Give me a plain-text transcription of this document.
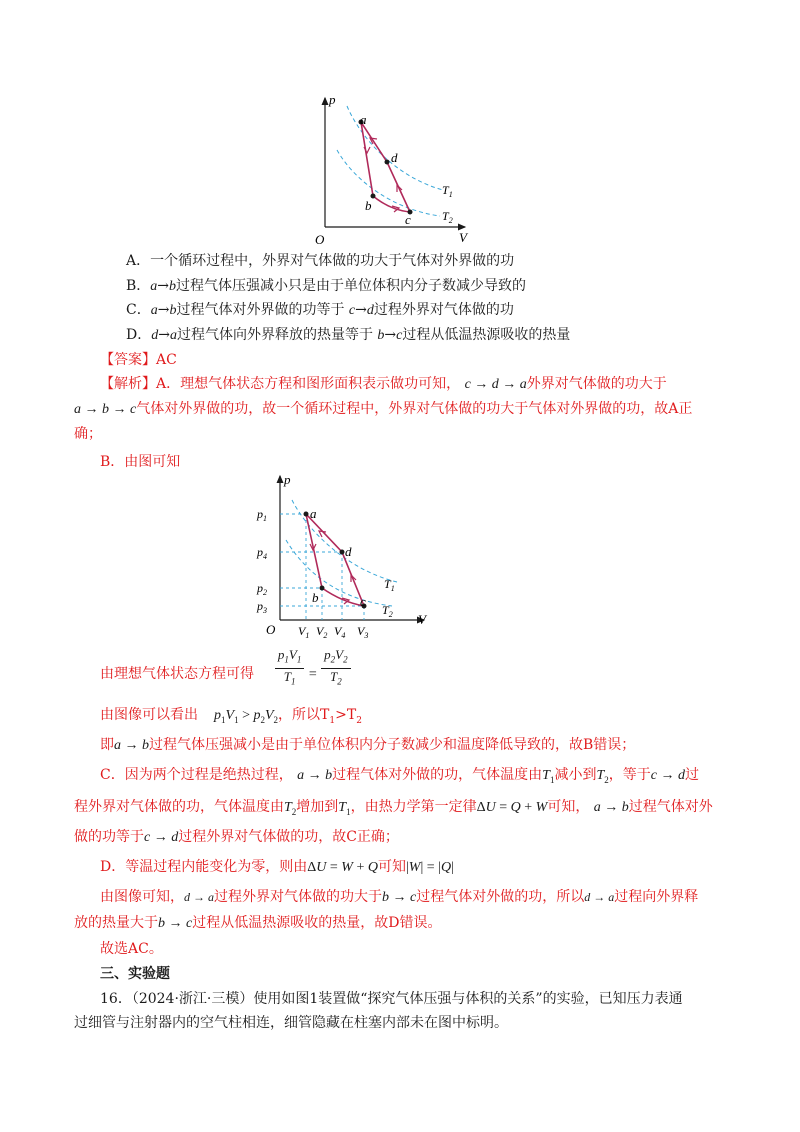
p
V
O
a
b
c
d
$T_1$
$T_2$
A．一个循环过程中，外界对气体做的功大于气体对外界做的功
B．a→b过程气体压强减小只是由于单位体积内分子数减少导致的
C．a→b过程气体对外界做的功等于 c→d过程外界对气体做的功
D．d→a过程气体向外界释放的热量等于 b→c过程从低温热源吸收的热量
【答案】AC
【解析】A．理想气体状态方程和图形面积表示做功可知， c → d → a外界对气体做的功大于
a → b → c气体对外界做的功，故一个循环过程中，外界对气体做的功大于气体对外界做的功，故A正
确；
B．由图可知
p
V
O
$p_1$
$p_4$
$p_2$
$p_3$
$V_1$ $V_2$ $V_4$ $V_3$
a
b	c
d
$T_1$
$T_2$
由理想气体状态方程可得 $\frac{p_1V_1}{T_1} = \frac{p_2V_2}{T_2}$
由图像可以看出 $p_1V_1 > p_2V_2$，所以$T_1>T_2$
即a → b过程气体压强减小是由于单位体积内分子数减少和温度降低导致的，故B错误；
C．因为两个过程是绝热过程， a → b过程气体对外做的功，气体温度由$T_1$减小到$T_2$，等于c → d过
程外界对气体做的功，气体温度由$T_2$增加到$T_1$，由热力学第一定律ΔU = Q + W可知， a → b过程气体对外
做的功等于c → d过程外界对气体做的功，故C正确；
D．等温过程内能变化为零，则由ΔU = W + Q可知|W| = |Q|
由图像可知，d → a过程外界对气体做的功大于b → c过程气体对外做的功，所以d → a过程向外界释
放的热量大于b → c过程从低温热源吸收的热量，故D错误。
故选AC。
三、实验题
16．（2024·浙江·三模）使用如图1装置做“探究气体压强与体积的关系”的实验，已知压力表通
过细管与注射器内的空气柱相连，细管隐藏在柱塞内部未在图中标明。
